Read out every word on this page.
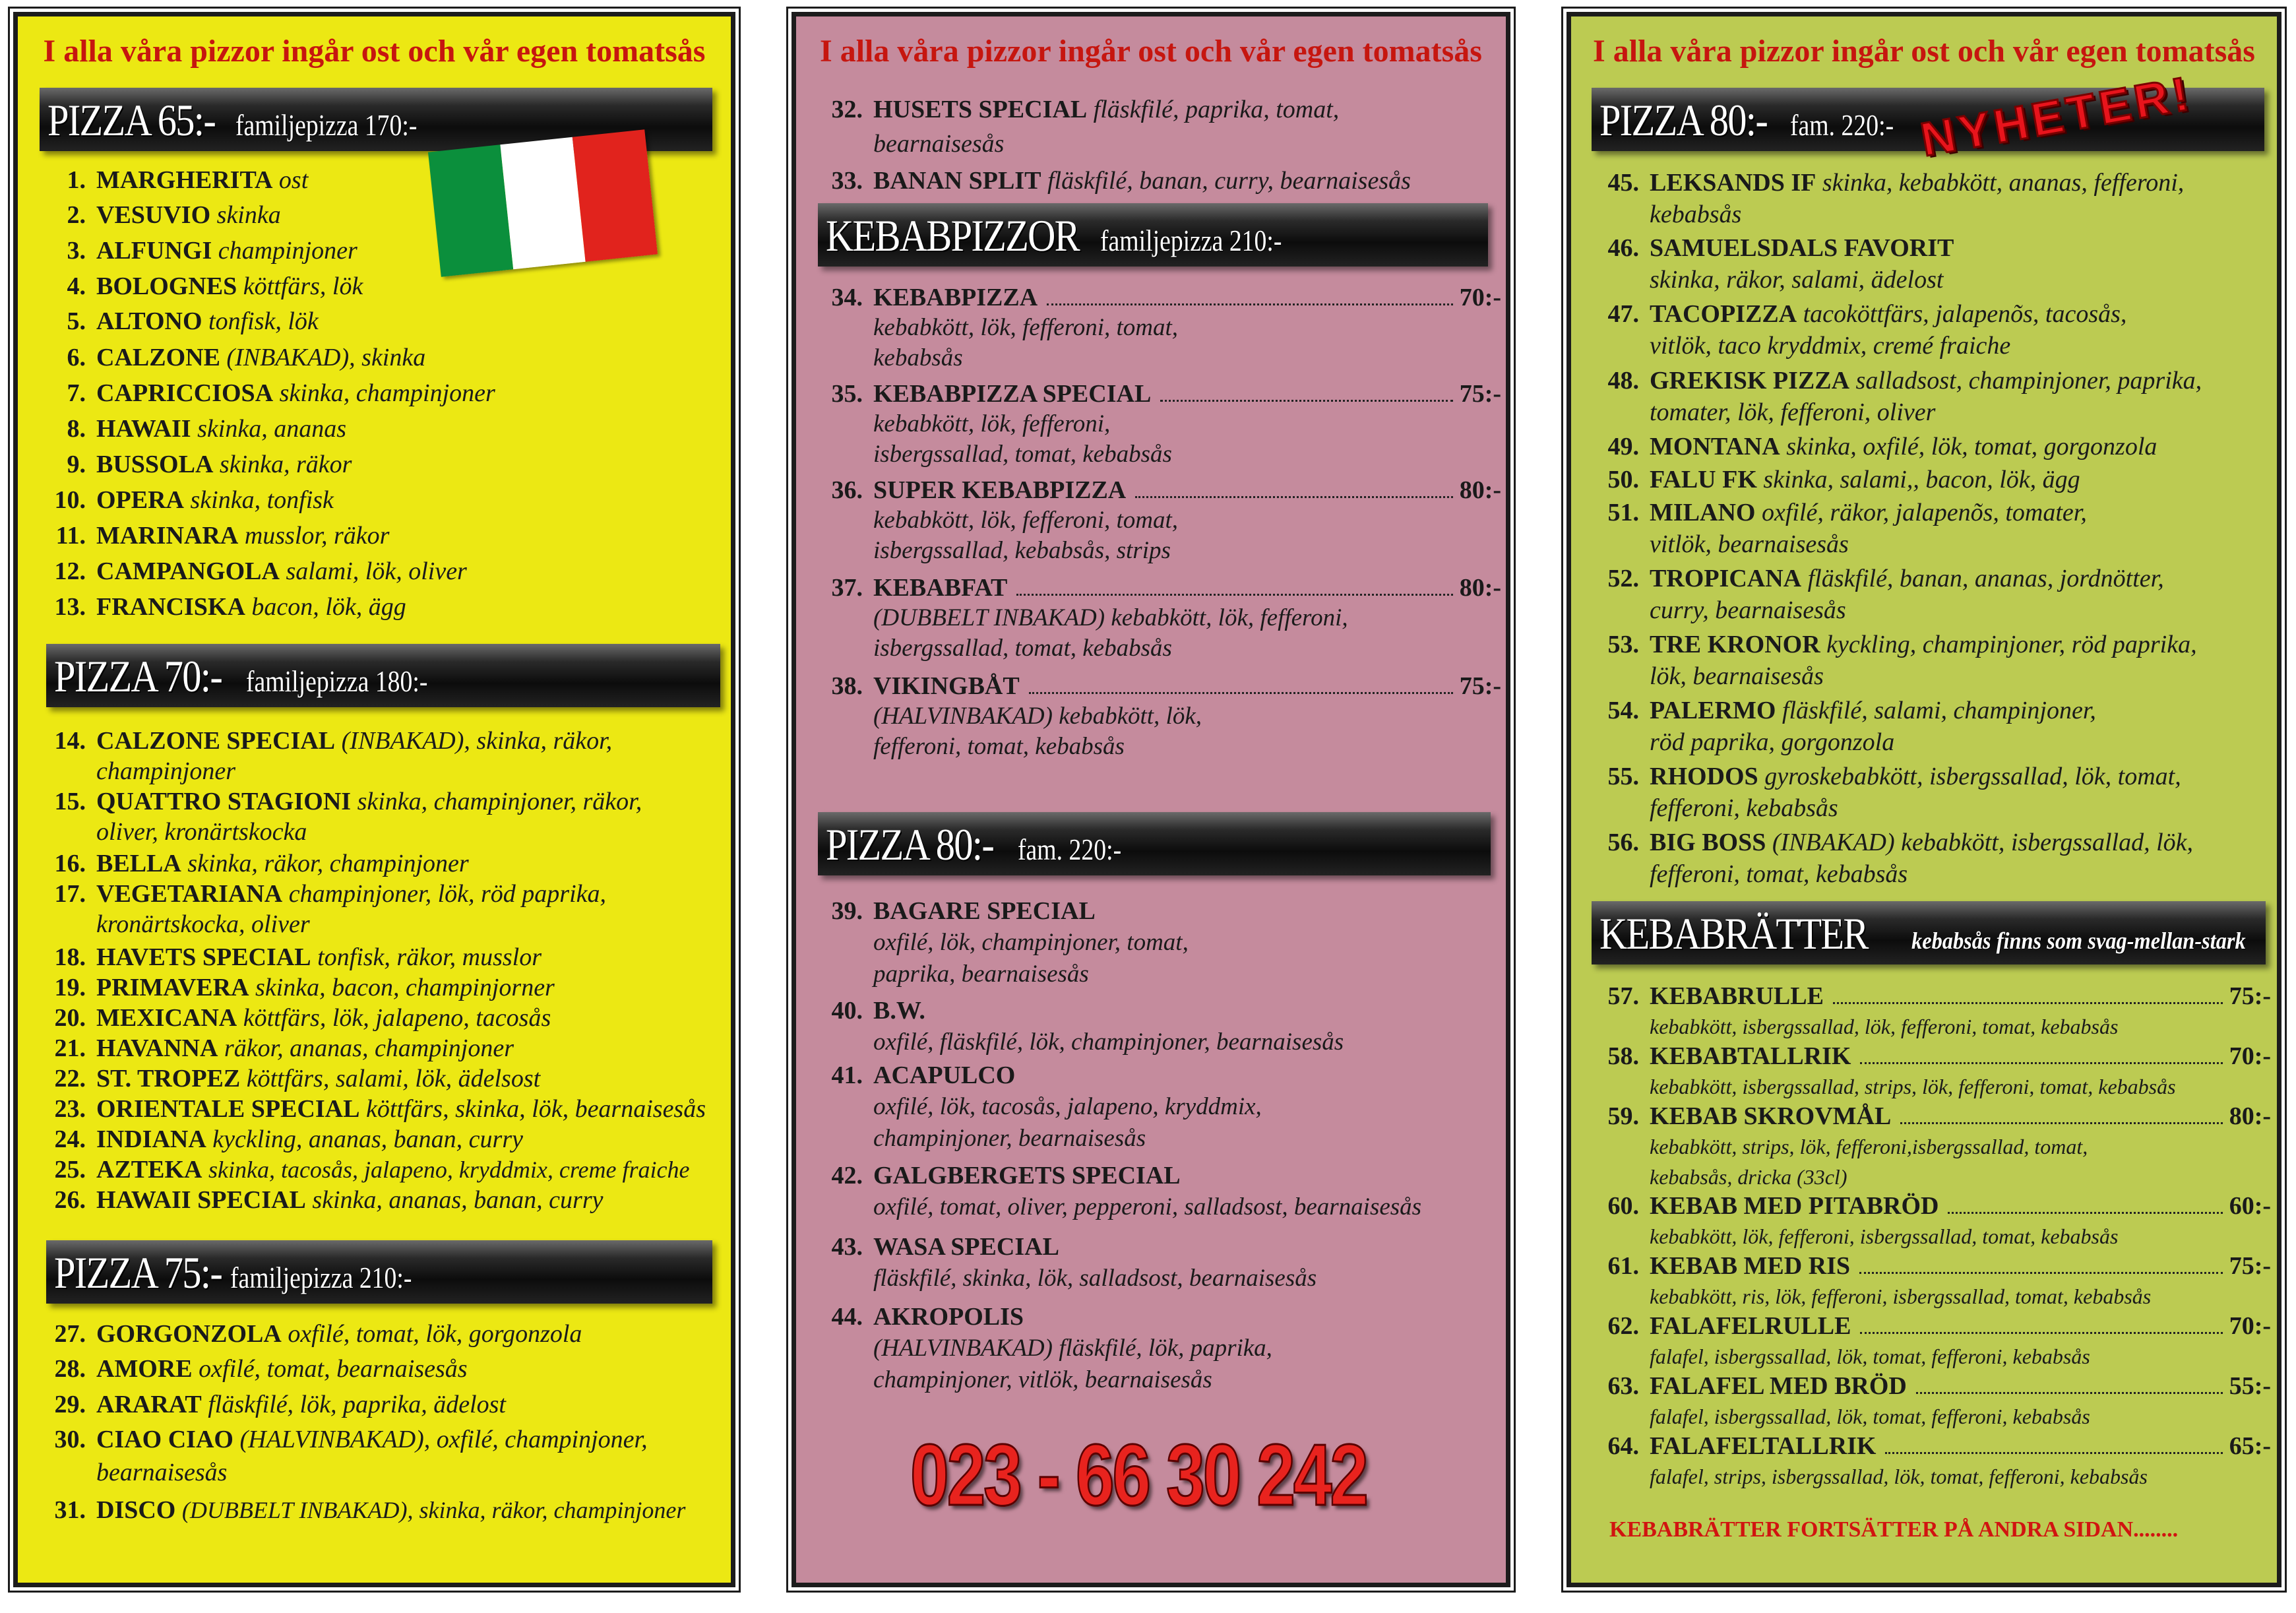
I alla våra pizzor ingår ost och vår egen tomatsås
PIZZA 65:- familjepizza 170:-
1. MARGHERITA ost
2. VESUVIO skinka
3. ALFUNGI champinjoner
4. BOLOGNES köttfärs, lök
5. ALTONO tonfisk, lök
6. CALZONE (INBAKAD), skinka
7. CAPRICCIOSA skinka, champinjoner
8. HAWAII skinka, ananas
9. BUSSOLA skinka, räkor
10. OPERA skinka, tonfisk
11. MARINARA musslor, räkor
12. CAMPANGOLA salami, lök, oliver
13. FRANCISKA bacon, lök, ägg
PIZZA 70:- familjepizza 180:-
14. CALZONE SPECIAL (INBAKAD), skinka, räkor,
champinjoner
15. QUATTRO STAGIONI skinka, champinjoner, räkor,
oliver, kronärtskocka
16. BELLA skinka, räkor, champinjoner
17. VEGETARIANA champinjoner, lök, röd paprika,
kronärtskocka, oliver
18. HAVETS SPECIAL tonfisk, räkor, musslor
19. PRIMAVERA skinka, bacon, champinjorner
20. MEXICANA köttfärs, lök, jalapeno, tacosås
21. HAVANNA räkor, ananas, champinjoner
22. ST. TROPEZ köttfärs, salami, lök, ädelsost
23. ORIENTALE SPECIAL köttfärs, skinka, lök, bearnaisesås
24. INDIANA kyckling, ananas, banan, curry
25. AZTEKA skinka, tacosås, jalapeno, kryddmix, creme fraiche
26. HAWAII SPECIAL skinka, ananas, banan, curry
PIZZA 75:- familjepizza 210:-
27. GORGONZOLA oxfilé, tomat, lök, gorgonzola
28. AMORE oxfilé, tomat, bearnaisesås
29. ARARAT fläskfilé, lök, paprika, ädelost
30. CIAO CIAO (HALVINBAKAD), oxfilé, champinjoner,
bearnaisesås
31. DISCO (DUBBELT INBAKAD), skinka, räkor, champinjoner
I alla våra pizzor ingår ost och vår egen tomatsås
32. HUSETS SPECIAL fläskfilé, paprika, tomat,
bearnaisesås
33. BANAN SPLIT fläskfilé, banan, curry, bearnaisesås
KEBABPIZZOR familjepizza 210:-
34. KEBABPIZZA	70:-
kebabkött, lök, fefferoni, tomat,
kebabsås
35. KEBABPIZZA SPECIAL	75:-
kebabkött, lök, fefferoni,
isbergssallad, tomat, kebabsås
36. SUPER KEBABPIZZA	80:-
kebabkött, lök, fefferoni, tomat,
isbergssallad, kebabsås, strips
37. KEBABFAT	80:-
(DUBBELT INBAKAD) kebabkött, lök, fefferoni,
isbergssallad, tomat, kebabsås
38. VIKINGBÅT	75:-
(HALVINBAKAD) kebabkött, lök,
fefferoni, tomat, kebabsås
PIZZA 80:- fam. 220:-
39. BAGARE SPECIAL
oxfilé, lök, champinjoner, tomat,
paprika, bearnaisesås
40. B.W.
oxfilé, fläskfilé, lök, champinjoner, bearnaisesås
41. ACAPULCO
oxfilé, lök, tacosås, jalapeno, kryddmix,
champinjoner, bearnaisesås
42. GALGBERGETS SPECIAL
oxfilé, tomat, oliver, pepperoni, salladsost, bearnaisesås
43. WASA SPECIAL
fläskfilé, skinka, lök, salladsost, bearnaisesås
44. AKROPOLIS
(HALVINBAKAD) fläskfilé, lök, paprika,
champinjoner, vitlök, bearnaisesås
023 - 66 30 242
I alla våra pizzor ingår ost och vår egen tomatsås
PIZZA 80:- fam. 220:- NYHETER!
45. LEKSANDS IF skinka, kebabkött, ananas, fefferoni,
kebabsås
46. SAMUELSDALS FAVORIT
skinka, räkor, salami, ädelost
47. TACOPIZZA tacoköttfärs, jalapenõs, tacosås,
vitlök, taco kryddmix, cremé fraiche
48. GREKISK PIZZA salladsost, champinjoner, paprika,
tomater, lök, fefferoni, oliver
49. MONTANA skinka, oxfilé, lök, tomat, gorgonzola
50. FALU FK skinka, salami,, bacon, lök, ägg
51. MILANO oxfilé, räkor, jalapenõs, tomater,
vitlök, bearnaisesås
52. TROPICANA fläskfilé, banan, ananas, jordnötter,
curry, bearnaisesås
53. TRE KRONOR kyckling, champinjoner, röd paprika,
lök, bearnaisesås
54. PALERMO fläskfilé, salami, champinjoner,
röd paprika, gorgonzola
55. RHODOS gyroskebabkött, isbergssallad, lök, tomat,
fefferoni, kebabsås
56. BIG BOSS (INBAKAD) kebabkött, isbergssallad, lök,
fefferoni, tomat, kebabsås
KEBABRÄTTER kebabsås finns som svag-mellan-stark
57. KEBABRULLE	75:-
kebabkött, isbergssallad, lök, fefferoni, tomat, kebabsås
58. KEBABTALLRIK	70:-
kebabkött, isbergssallad, strips, lök, fefferoni, tomat, kebabsås
59. KEBAB SKROVMÅL	80:-
kebabkött, strips, lök, fefferoni,isbergssallad, tomat,
kebabsås, dricka (33cl)
60. KEBAB MED PITABRÖD	60:-
kebabkött, lök, fefferoni, isbergssallad, tomat, kebabsås
61. KEBAB MED RIS	75:-
kebabkött, ris, lök, fefferoni, isbergssallad, tomat, kebabsås
62. FALAFELRULLE	70:-
falafel, isbergssallad, lök, tomat, fefferoni, kebabsås
63. FALAFEL MED BRÖD	55:-
falafel, isbergssallad, lök, tomat, fefferoni, kebabsås
64. FALAFELTALLRIK	65:-
falafel, strips, isbergssallad, lök, tomat, fefferoni, kebabsås
KEBABRÄTTER FORTSÄTTER PÅ ANDRA SIDAN........
